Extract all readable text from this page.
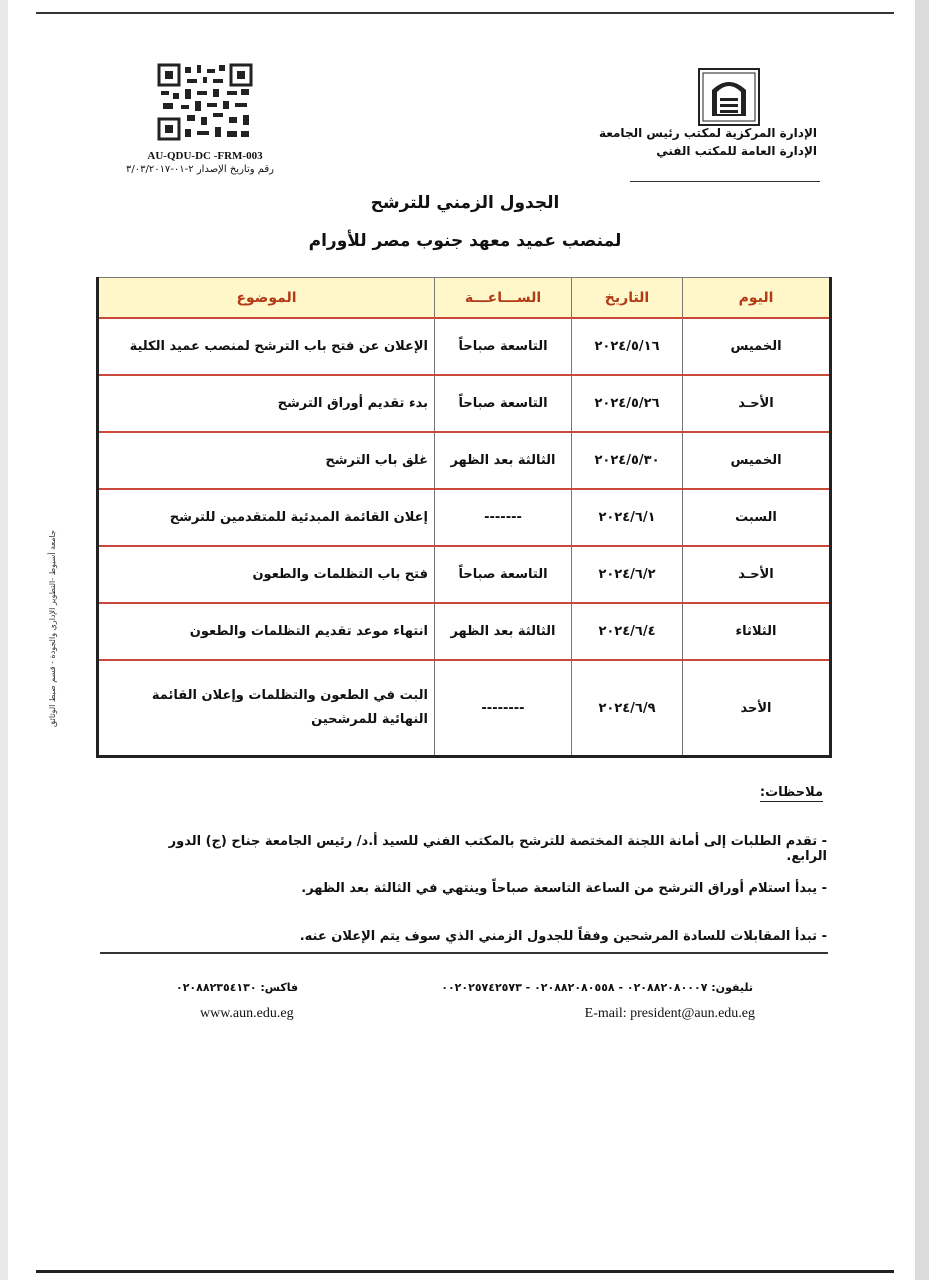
الإدارة المركزية لمكتب رئيس الجامعة
الإدارة العامة للمكتب الفني
AU-QDU-DC -FRM-003
رقم وتاريخ الإصدار ٢-٠١-٣/٠٣/٢٠١٧
الجدول الزمني للترشح
لمنصب عميد معهد جنوب مصر للأورام
اليوم	التاريخ	الســـاعـــة	الموضوع
الخميس	٢٠٢٤/٥/١٦	التاسعة صباحاً	الإعلان عن فتح باب الترشح لمنصب عميد الكلية
الأحـد	٢٠٢٤/٥/٢٦	التاسعة صباحاً	بدء تقديم أوراق الترشح
الخميس	٢٠٢٤/٥/٣٠	الثالثة بعد الظهر	غلق باب الترشح
السبت	٢٠٢٤/٦/١	-------	إعلان القائمة المبدئية للمتقدمين للترشح
الأحـد	٢٠٢٤/٦/٢	التاسعة صباحاً	فتح باب التظلمات والطعون
الثلاثاء	٢٠٢٤/٦/٤	الثالثة بعد الظهر	انتهاء موعد تقديم التظلمات والطعون
الأحد	٢٠٢٤/٦/٩	--------	البت في الطعون والتظلمات وإعلان القائمة
النهائية للمرشحين
جامعة أسيوط -التطوير الإداري والجودة - قسم ضبط الوثائق
ملاحظات:
- تقدم الطلبات إلى أمانة اللجنة المختصة للترشح بالمكتب الفني للسيد أ.د/ رئيس الجامعة جناح (ج) الدور الرابع.
- يبدأ استلام أوراق الترشح من الساعة التاسعة صباحاً وينتهي في الثالثة بعد الظهر.
- تبدأ المقابلات للسادة المرشحين وفقاً للجدول الزمني الذي سوف يتم الإعلان عنه.
تليفون: ٠٢٠٨٨٢٠٨٠٠٠٧ - ٠٢٠٨٨٢٠٨٠٥٥٨ - ٠٠٢٠٢٥٧٤٢٥٧٣
فاكس: ٠٢٠٨٨٢٣٥٤١٣٠
E-mail: president@aun.edu.eg
www.aun.edu.eg
